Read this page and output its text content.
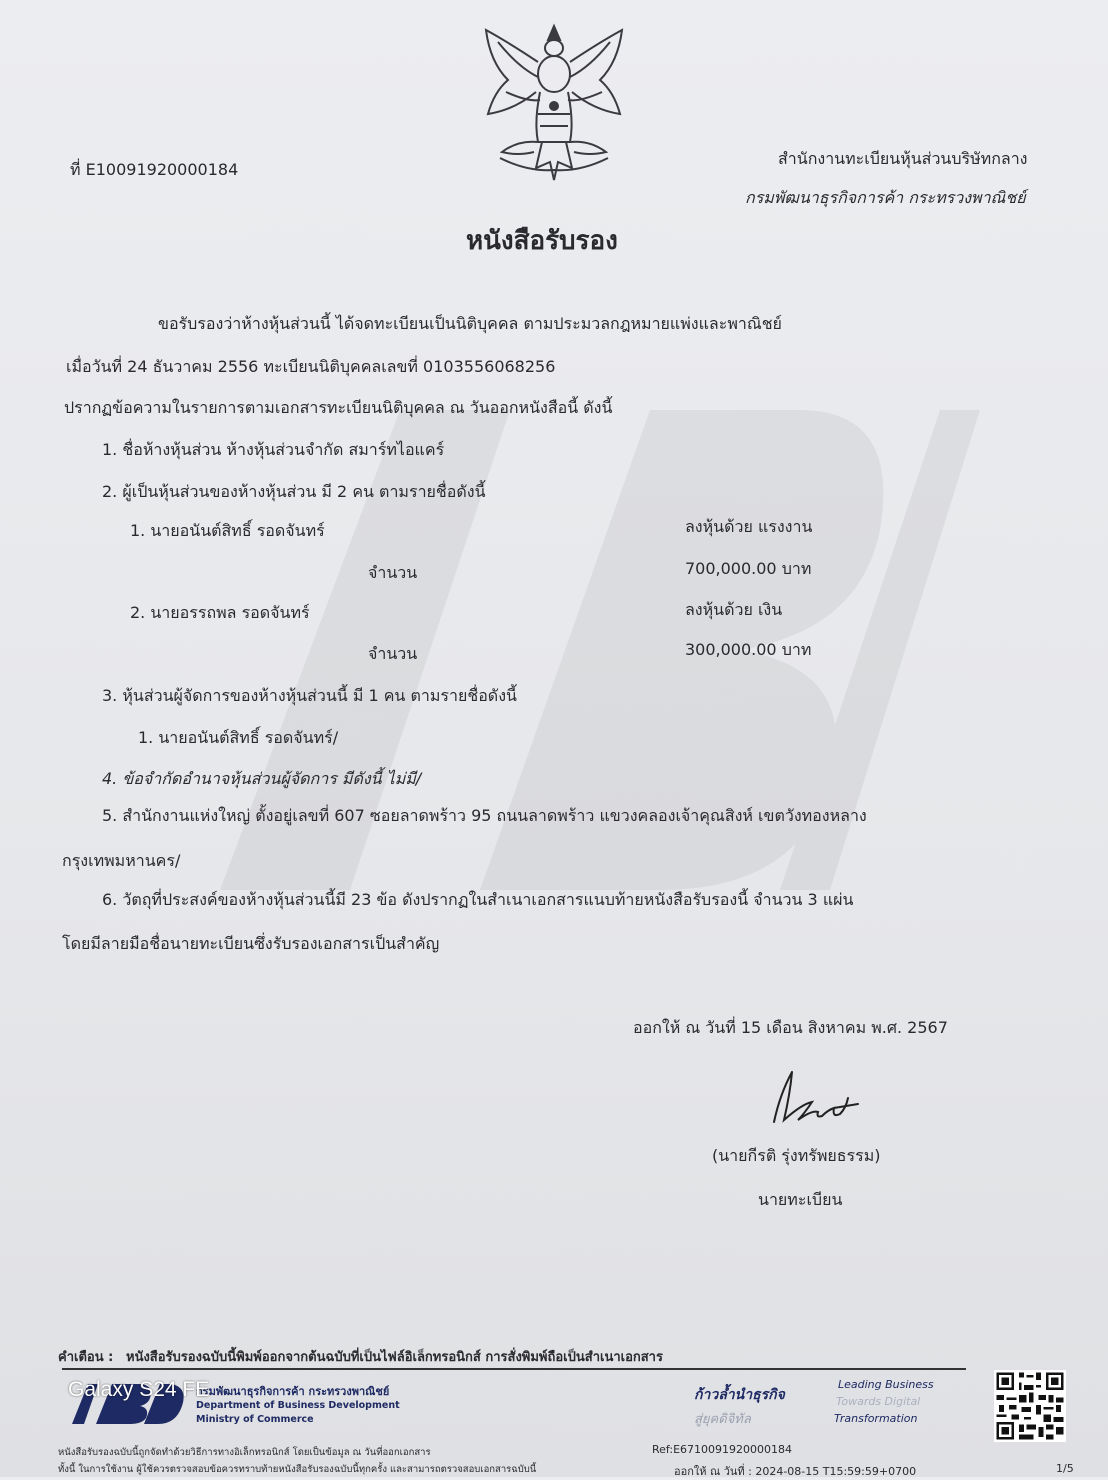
ที่ E10091920000184
สำนักงานทะเบียนหุ้นส่วนบริษัทกลาง
กรมพัฒนาธุรกิจการค้า กระทรวงพาณิชย์
หนังสือรับรอง
ขอรับรองว่าห้างหุ้นส่วนนี้ ได้จดทะเบียนเป็นนิติบุคคล ตามประมวลกฎหมายแพ่งและพาณิชย์
เมื่อวันที่ 24 ธันวาคม 2556 ทะเบียนนิติบุคคลเลขที่ 0103556068256
ปรากฏข้อความในรายการตามเอกสารทะเบียนนิติบุคคล ณ วันออกหนังสือนี้ ดังนี้
1. ชื่อห้างหุ้นส่วน ห้างหุ้นส่วนจำกัด สมาร์ทไอแคร์
2. ผู้เป็นหุ้นส่วนของห้างหุ้นส่วน มี 2 คน ตามรายชื่อดังนี้
1. นายอนันต์สิทธิ์ รอดจันทร์	ลงหุ้นด้วย แรงงาน
จำนวน	700,000.00 บาท
2. นายอรรถพล รอดจันทร์	ลงหุ้นด้วย เงิน
จำนวน	300,000.00 บาท
3. หุ้นส่วนผู้จัดการของห้างหุ้นส่วนนี้ มี 1 คน ตามรายชื่อดังนี้
1. นายอนันต์สิทธิ์ รอดจันทร์/
4. ข้อจำกัดอำนาจหุ้นส่วนผู้จัดการ มีดังนี้ ไม่มี/
5. สำนักงานแห่งใหญ่ ตั้งอยู่เลขที่ 607 ซอยลาดพร้าว 95 ถนนลาดพร้าว แขวงคลองเจ้าคุณสิงห์ เขตวังทองหลาง
กรุงเทพมหานคร/
6. วัตถุที่ประสงค์ของห้างหุ้นส่วนนี้มี 23 ข้อ ดังปรากฏในสำเนาเอกสารแนบท้ายหนังสือรับรองนี้ จำนวน 3 แผ่น
โดยมีลายมือชื่อนายทะเบียนซึ่งรับรองเอกสารเป็นสำคัญ
ออกให้ ณ วันที่ 15 เดือน สิงหาคม พ.ศ. 2567
(นายกีรติ รุ่งทรัพยธรรม)
นายทะเบียน
คำเตือน : หนังสือรับรองฉบับนี้พิมพ์ออกจากต้นฉบับที่เป็นไฟล์อิเล็กทรอนิกส์ การสั่งพิมพ์ถือเป็นสำเนาเอกสาร
กรมพัฒนาธุรกิจการค้า กระทรวงพาณิชย์
Department of Business Development
Ministry of Commerce
ก้าวล้ำนำธุรกิจ
สู่ยุคดิจิทัล
Leading Business
Towards Digital
Transformation
หนังสือรับรองฉบับนี้ถูกจัดทำด้วยวิธีการทางอิเล็กทรอนิกส์ โดยเป็นข้อมูล ณ วันที่ออกเอกสาร
ทั้งนี้ ในการใช้งาน ผู้ใช้ควรตรวจสอบข้อควรทราบท้ายหนังสือรับรองฉบับนี้ทุกครั้ง และสามารถตรวจสอบเอกสารฉบับนี้
Ref:E6710091920000184
ออกให้ ณ วันที่ : 2024-08-15 T15:59:59+0700	1/5
Galaxy S24 FE
